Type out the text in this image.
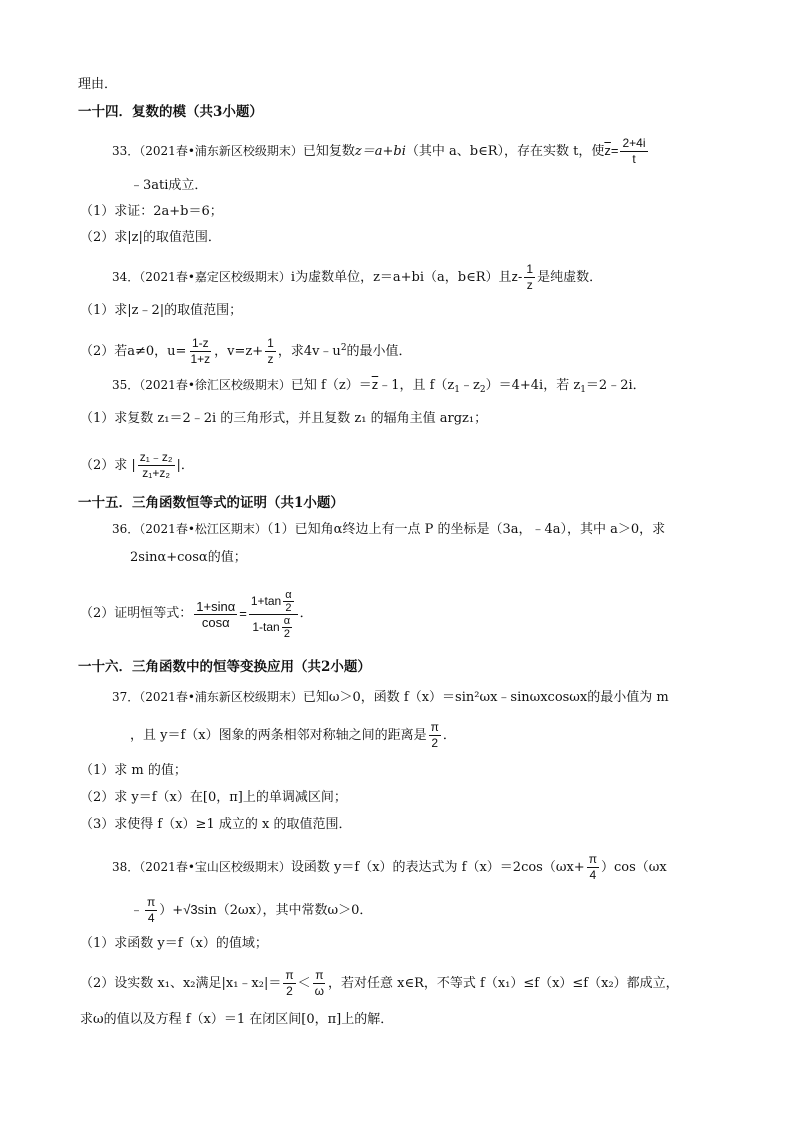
理由．
一十四．复数的模（共3小题）
33．（2021春•浦东新区校级期末）已知复数z＝a+bi（其中 a、b∈R），存在实数 t，使$\overline{z}= \frac{2+4i}{t}$
﹣3ati成立．
（1）求证：2a+b＝6；
（2）求|z|的取值范围．
34．（2021春•嘉定区校级期末）i为虚数单位，z＝a+bi（a，b∈R）且$z- \frac{1}{z}$ 是纯虚数．
（1）求|z﹣2|的取值范围；
（2）若a≠0，$u= \frac{1-z}{1+z}$ ，$v=z+ \frac{1}{z}$ ，求$4v﹣u^2$的最小值．
35．（2021春•徐汇区校级期末）已知 $f(z)=\overline{z}﹣1$，且 $f(z_1﹣z_2)=4+4i$，若 $z_1=2﹣2i$．
（1）求复数 z₁＝2﹣2i 的三角形式，并且复数 z₁ 的辐角主值 argz₁；
（2）求 | $\frac{\text{z₁﹣z₂}}{\text{z₁+z₂}}$ |．
一十五．三角函数恒等式的证明（共1小题）
36．（2021春•松江区期末）（1）已知角α终边上有一点 P 的坐标是（3a，﹣4a），其中 a＞0，求
2sinα+cosα的值；
（2）证明恒等式： $\frac{1+\sin\alpha}{\cos\alpha} = \frac{1+\tan \frac{\alpha}{2}}{1-\tan \frac{\alpha}{2}}$ ．
一十六．三角函数中的恒等变换应用（共2小题）
37．（2021春•浦东新区校级期末）已知ω＞0，函数 f（x）＝sin²ωx﹣sinωxcosωx的最小值为 m
，且 y＝f（x）图象的两条相邻对称轴之间的距离是 $\frac{\pi}{2}$ ．
（1）求 m 的值；
（2）求 y＝f（x）在[0，π]上的单调减区间；
（3）求使得 f（x）≥1 成立的 x 的取值范围．
38．（2021春•宝山区校级期末）设函数 y＝f（x）的表达式为 $f(x)=2\cos(\omega x+ \frac{\pi}{4} )\cos(\omega x$
﹣ $\frac{\pi}{4} )+√3\sin(2\omega x)$，其中常数ω＞0．
（1）求函数 y＝f（x）的值域；
（2）设实数 x₁、x₂满足|x₁﹣x₂|＝ $\frac{\pi}{2} < \frac{\pi}{\omega}$ ，若对任意 x∈R，不等式 f（x₁）≤f（x）≤f（x₂）都成立，
求ω的值以及方程 f（x）＝1 在闭区间[0，π]上的解．
